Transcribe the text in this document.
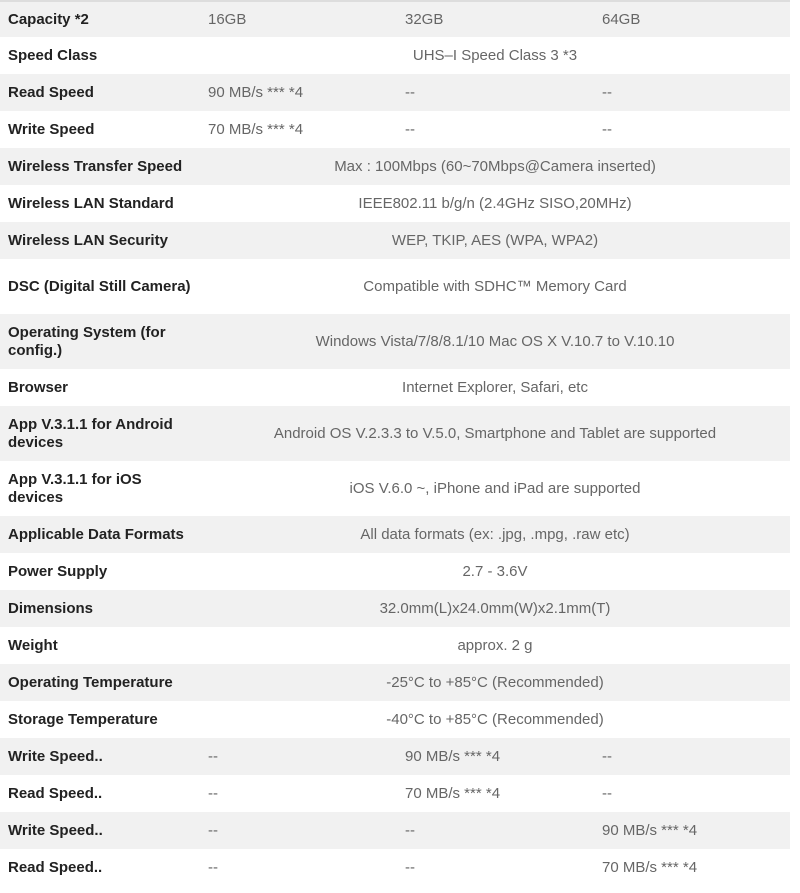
Capacity *2	16GB	32GB	64GB
Speed Class	UHS–I Speed Class 3 *3		
Read Speed	90 MB/s *** *4	--	--
Write Speed	70 MB/s *** *4	--	--
Wireless Transfer Speed	Max : 100Mbps (60~70Mbps@Camera inserted)		
Wireless LAN Standard	IEEE802.11 b/g/n (2.4GHz SISO,20MHz)		
Wireless LAN Security	WEP, TKIP, AES (WPA, WPA2)		
DSC (Digital Still Camera)	Compatible with SDHC™ Memory Card		
Operating System (for config.)	Windows Vista/7/8/8.1/10 Mac OS X V.10.7 to V.10.10		
Browser	Internet Explorer, Safari, etc		
App V.3.1.1 for Android devices	Android OS V.2.3.3 to V.5.0, Smartphone and Tablet are supported		
App V.3.1.1 for iOS devices	iOS V.6.0 ~, iPhone and iPad are supported		
Applicable Data Formats	All data formats (ex: .jpg, .mpg, .raw etc)		
Power Supply	2.7 - 3.6V		
Dimensions	32.0mm(L)x24.0mm(W)x2.1mm(T)		
Weight	approx. 2 g		
Operating Temperature	-25°C to +85°C (Recommended)		
Storage Temperature	-40°C to +85°C (Recommended)		
Write Speed..	--	90 MB/s *** *4	--
Read Speed..	--	70 MB/s *** *4	--
Write Speed..	--	--	90 MB/s *** *4
Read Speed..	--	--	70 MB/s *** *4
